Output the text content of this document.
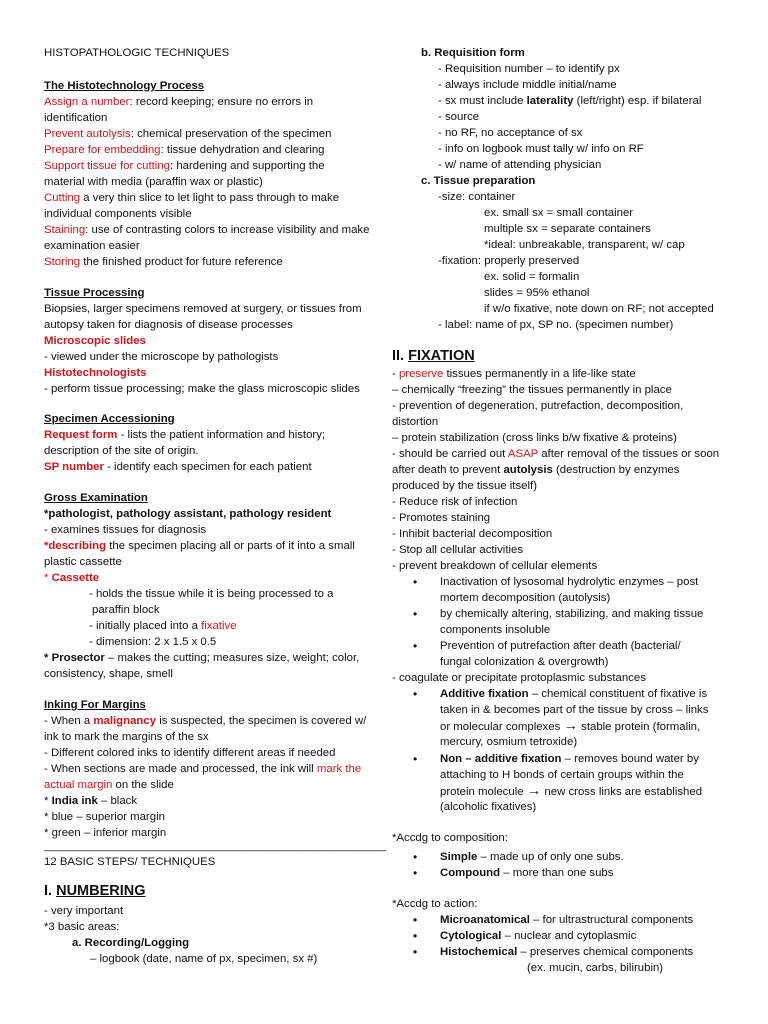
HISTOPATHOLOGIC TECHNIQUES
The Histotechnology Process
Assign a number: record keeping; ensure no errors in
identification
Prevent autolysis: chemical preservation of the specimen
Prepare for embedding: tissue dehydration and clearing
Support tissue for cutting: hardening and supporting the
material with media (paraffin wax or plastic)
Cutting a very thin slice to let light to pass through to make
individual components visible
Staining: use of contrasting colors to increase visibility and make
examination easier
Storing the finished product for future reference
Tissue Processing
Biopsies, larger specimens removed at surgery, or tissues from
autopsy taken for diagnosis of disease processes
Microscopic slides
- viewed under the microscope by pathologists
Histotechnologists
- perform tissue processing; make the glass microscopic slides
Specimen Accessioning
Request form - lists the patient information and history;
description of the site of origin.
SP number - identify each specimen for each patient
Gross Examination
*pathologist, pathology assistant, pathology resident
- examines tissues for diagnosis
*describing the specimen placing all or parts of it into a small
plastic cassette
* Cassette
- holds the tissue while it is being processed to a
paraffin block
- initially placed into a fixative
- dimension: 2 x 1.5 x 0.5
* Prosector – makes the cutting; measures size, weight; color,
consistency, shape, smell
Inking For Margins
- When a malignancy is suspected, the specimen is covered w/
ink to mark the margins of the sx
- Different colored inks to identify different areas if needed
- When sections are made and processed, the ink will mark the
actual margin on the slide
* India ink – black
* blue – superior margin
* green – inferior margin
______________________________________________________
12 BASIC STEPS/ TECHNIQUES
I. NUMBERING
- very important
*3 basic areas:
a. Recording/Logging
– logbook (date, name of px, specimen, sx #)
b. Requisition form
- Requisition number – to identify px
- always include middle initial/name
- sx must include laterality (left/right) esp. if bilateral
- source
- no RF, no acceptance of sx
- info on logbook must tally w/ info on RF
- w/ name of attending physician
c. Tissue preparation
-size: container
ex. small sx = small container
multiple sx = separate containers
*ideal: unbreakable, transparent, w/ cap
-fixation: properly preserved
ex. solid = formalin
slides = 95% ethanol
if w/o fixative, note down on RF; not accepted
- label: name of px, SP no. (specimen number)
II. FIXATION
- preserve tissues permanently in a life-like state
– chemically “freezing” the tissues permanently in place
- prevention of degeneration, putrefaction, decomposition,
distortion
– protein stabilization (cross links b/w fixative & proteins)
- should be carried out ASAP after removal of the tissues or soon
after death to prevent autolysis (destruction by enzymes
produced by the tissue itself)
- Reduce risk of infection
- Promotes staining
- Inhibit bacterial decomposition
- Stop all cellular activities
- prevent breakdown of cellular elements
• Inactivation of lysosomal hydrolytic enzymes – post
mortem decomposition (autolysis)
• by chemically altering, stabilizing, and making tissue
components insoluble
• Prevention of putrefaction after death (bacterial/
fungal colonization & overgrowth)
- coagulate or precipitate protoplasmic substances
• Additive fixation – chemical constituent of fixative is
taken in & becomes part of the tissue by cross – links
or molecular complexes → stable protein (formalin,
mercury, osmium tetroxide)
• Non – additive fixation – removes bound water by
attaching to H bonds of certain groups within the
protein molecule → new cross links are established
(alcoholic fixatives)
*Accdg to composition:
• Simple – made up of only one subs.
• Compound – more than one subs
*Accdg to action:
• Microanatomical – for ultrastructural components
• Cytological – nuclear and cytoplasmic
• Histochemical – preserves chemical components
(ex. mucin, carbs, bilirubin)
